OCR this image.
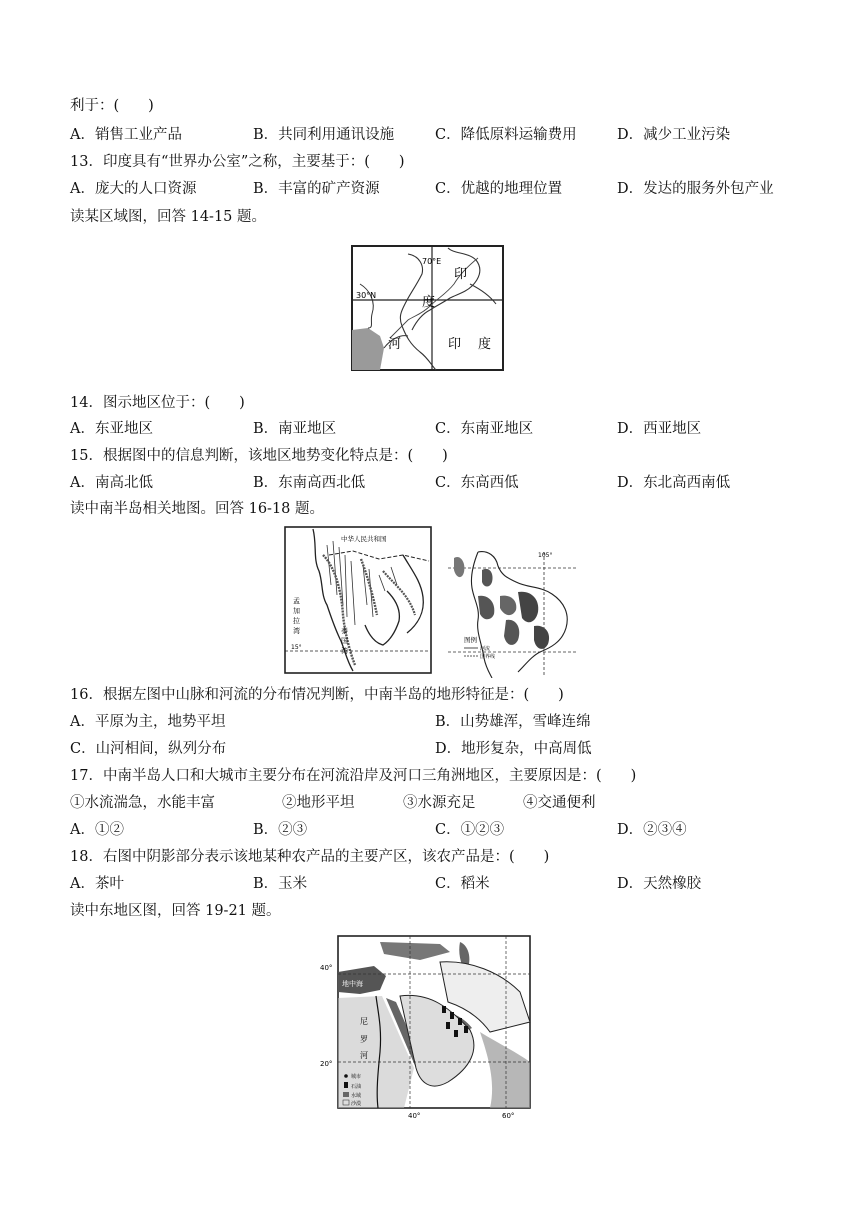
利于：(　　)
A．销售工业产品	B．共同利用通讯设施	C．降低原料运输费用	D．减少工业污染
13．印度具有“世界办公室”之称，主要基于：(　　)
A．庞大的人口资源	B．丰富的矿产资源	C．优越的地理位置	D．发达的服务外包产业
读某区域图，回答 14-15 题。
70°E
30°N
印
度
河	印 度
14．图示地区位于：(　　)
A．东亚地区	B．南亚地区	C．东南亚地区	D．西亚地区
15．根据图中的信息判断，该地区地势变化特点是：(　　)
A．南高北低	B．东南高西北低	C．东高西低	D．东北高西南低
读中南半岛相关地图。回答 16-18 题。
中华人民共和国
孟
加
拉
湾
15°
泰
国
湾
图例
河流
国界线
105°
16．根据左图中山脉和河流的分布情况判断，中南半岛的地形特征是：(　　)
A．平原为主，地势平坦	B．山势雄浑，雪峰连绵
C．山河相间，纵列分布	D．地形复杂，中高周低
17．中南半岛人口和大城市主要分布在河流沿岸及河口三角洲地区，主要原因是：(　　)
①水流湍急，水能丰富	②地形平坦	③水源充足	④交通便利
A．①②	B．②③	C．①②③	D．②③④
18．右图中阴影部分表示该地某种农产品的主要产区，该农产品是：(　　)
A．茶叶	B．玉米	C．稻米	D．天然橡胶
读中东地区图，回答 19-21 题。
40°
20°
40°	60°
地中海
尼
罗
河
城市
石油
水域
沙漠
